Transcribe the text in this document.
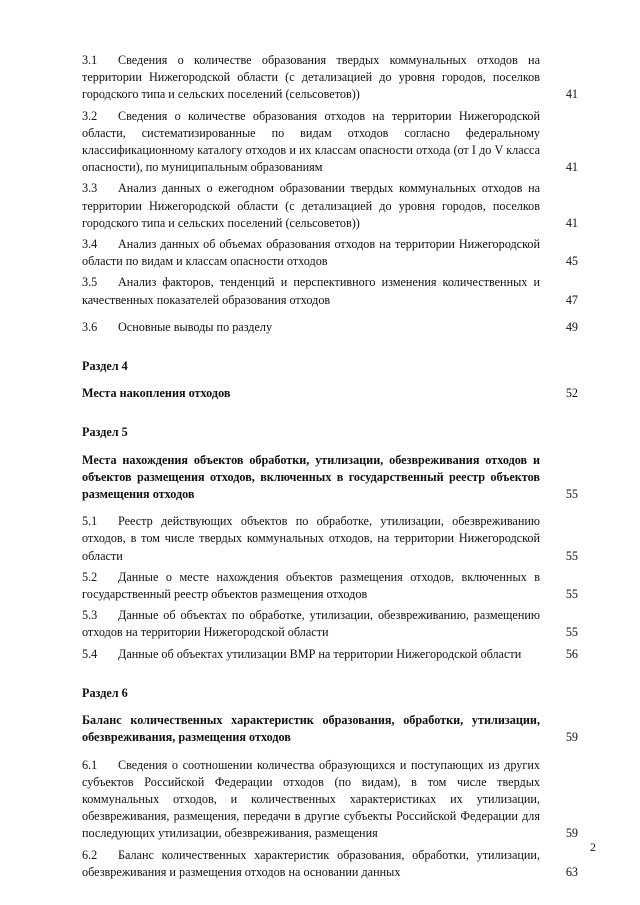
3.1 Сведения о количестве образования твердых коммунальных отходов на территории Нижегородской области (с детализацией до уровня городов, поселков городского типа и сельских поселений (сельсоветов))	41
3.2 Сведения о количестве образования отходов на территории Нижегородской области, систематизированные по видам отходов согласно федеральному классификационному каталогу отходов и их классам опасности отхода (от I до V класса опасности), по муниципальным образованиям	41
3.3 Анализ данных о ежегодном образовании твердых коммунальных отходов на территории Нижегородской области (с детализацией до уровня городов, поселков городского типа и сельских поселений (сельсоветов))	41
3.4 Анализ данных об объемах образования отходов на территории Нижегородской области по видам и классам опасности отходов	45
3.5 Анализ факторов, тенденций и перспективного изменения количественных и качественных показателей образования отходов	47
3.6 Основные выводы по разделу	49
Раздел 4
Места накопления отходов	52
Раздел 5
Места нахождения объектов обработки, утилизации, обезвреживания отходов и объектов размещения отходов, включенных в государственный реестр объектов размещения отходов	55
5.1 Реестр действующих объектов по обработке, утилизации, обезвреживанию отходов, в том числе твердых коммунальных отходов, на территории Нижегородской области	55
5.2 Данные о месте нахождения объектов размещения отходов, включенных в государственный реестр объектов размещения отходов	55
5.3 Данные об объектах по обработке, утилизации, обезвреживанию, размещению отходов на территории Нижегородской области	55
5.4 Данные об объектах утилизации ВМР на территории Нижегородской области	56
Раздел 6
Баланс количественных характеристик образования, обработки, утилизации, обезвреживания, размещения отходов	59
6.1 Сведения о соотношении количества образующихся и поступающих из других субъектов Российской Федерации отходов (по видам), в том числе твердых коммунальных отходов, и количественных характеристиках их утилизации, обезвреживания, размещения, передачи в другие субъекты Российской Федерации для последующих утилизации, обезвреживания, размещения	59
6.2 Баланс количественных характеристик образования, обработки, утилизации, обезвреживания и размещения отходов на основании данных	63
2
